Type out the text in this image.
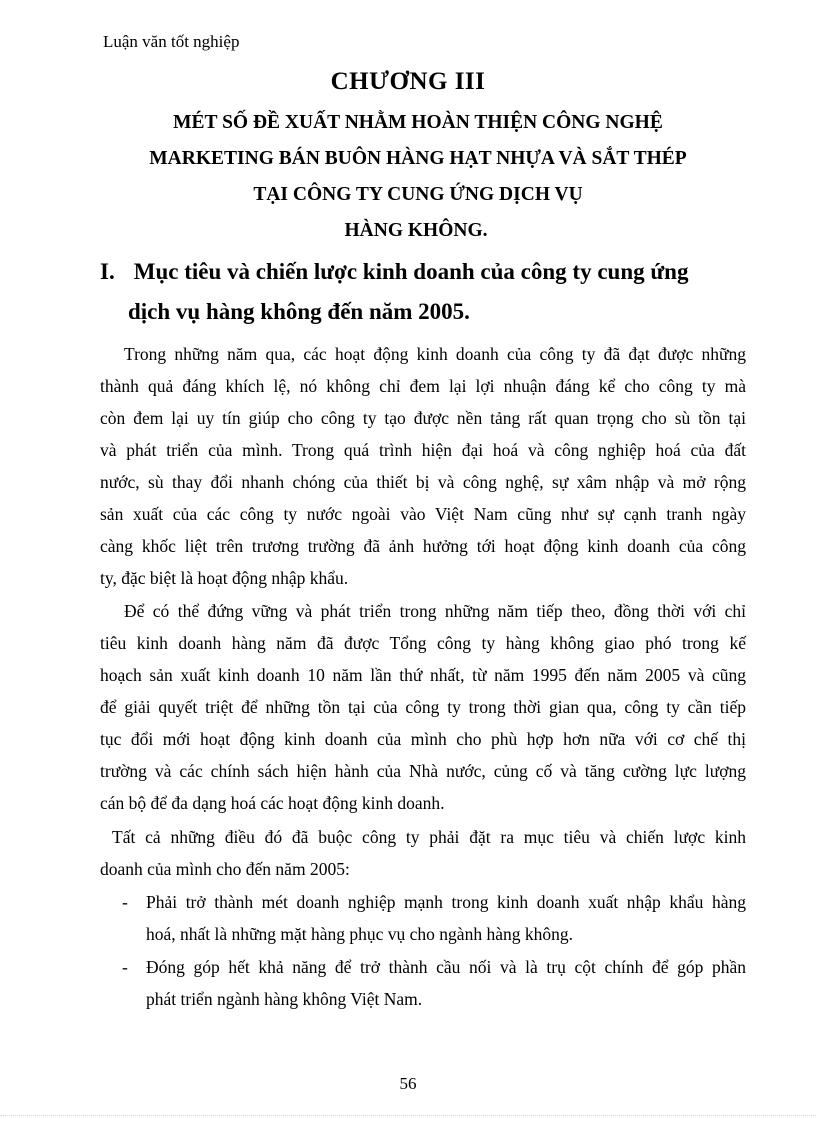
Luận văn tốt nghiệp
CHƯƠNG III
MÉT SỐ ĐỀ XUẤT NHẰM HOÀN THIỆN CÔNG NGHỆ
MARKETING BÁN BUÔN HÀNG HẠT NHỰA VÀ SẮT THÉP
TẠI CÔNG TY CUNG ỨNG DỊCH VỤ
HÀNG KHÔNG.
I. Mục tiêu và chiến lược kinh doanh của công ty cung ứng
dịch vụ hàng không đến năm 2005.
Trong những năm qua, các hoạt động kinh doanh của công ty đã đạt được những
thành quả đáng khích lệ, nó không chỉ đem lại lợi nhuận đáng kể cho công ty mà
còn đem lại uy tín giúp cho công ty tạo được nền tảng rất quan trọng cho sù tồn tại
và phát triển của mình. Trong quá trình hiện đại hoá và công nghiệp hoá của đất
nước, sù thay đổi nhanh chóng của thiết bị và công nghệ, sự xâm nhập và mở rộng
sản xuất của các công ty nước ngoài vào Việt Nam cũng như sự cạnh tranh ngày
càng khốc liệt trên trương trường đã ảnh hưởng tới hoạt động kinh doanh của công
ty, đặc biệt là hoạt động nhập khẩu.
Để có thể đứng vững và phát triển trong những năm tiếp theo, đồng thời với chỉ
tiêu kinh doanh hàng năm đã được Tổng công ty hàng không giao phó trong kế
hoạch sản xuất kinh doanh 10 năm lần thứ nhất, từ năm 1995 đến năm 2005 và cũng
để giải quyết triệt để những tồn tại của công ty trong thời gian qua, công ty cần tiếp
tục đổi mới hoạt động kinh doanh của mình cho phù hợp hơn nữa với cơ chế thị
trường và các chính sách hiện hành của Nhà nước, củng cố và tăng cường lực lượng
cán bộ để đa dạng hoá các hoạt động kinh doanh.
Tất cả những điều đó đã buộc công ty phải đặt ra mục tiêu và chiến lược kinh
doanh của mình cho đến năm 2005:
- Phải trở thành mét doanh nghiệp mạnh trong kinh doanh xuất nhập khẩu hàng
hoá, nhất là những mặt hàng phục vụ cho ngành hàng không.
- Đóng góp hết khả năng để trở thành cầu nối và là trụ cột chính để góp phần
phát triển ngành hàng không Việt Nam.
56
